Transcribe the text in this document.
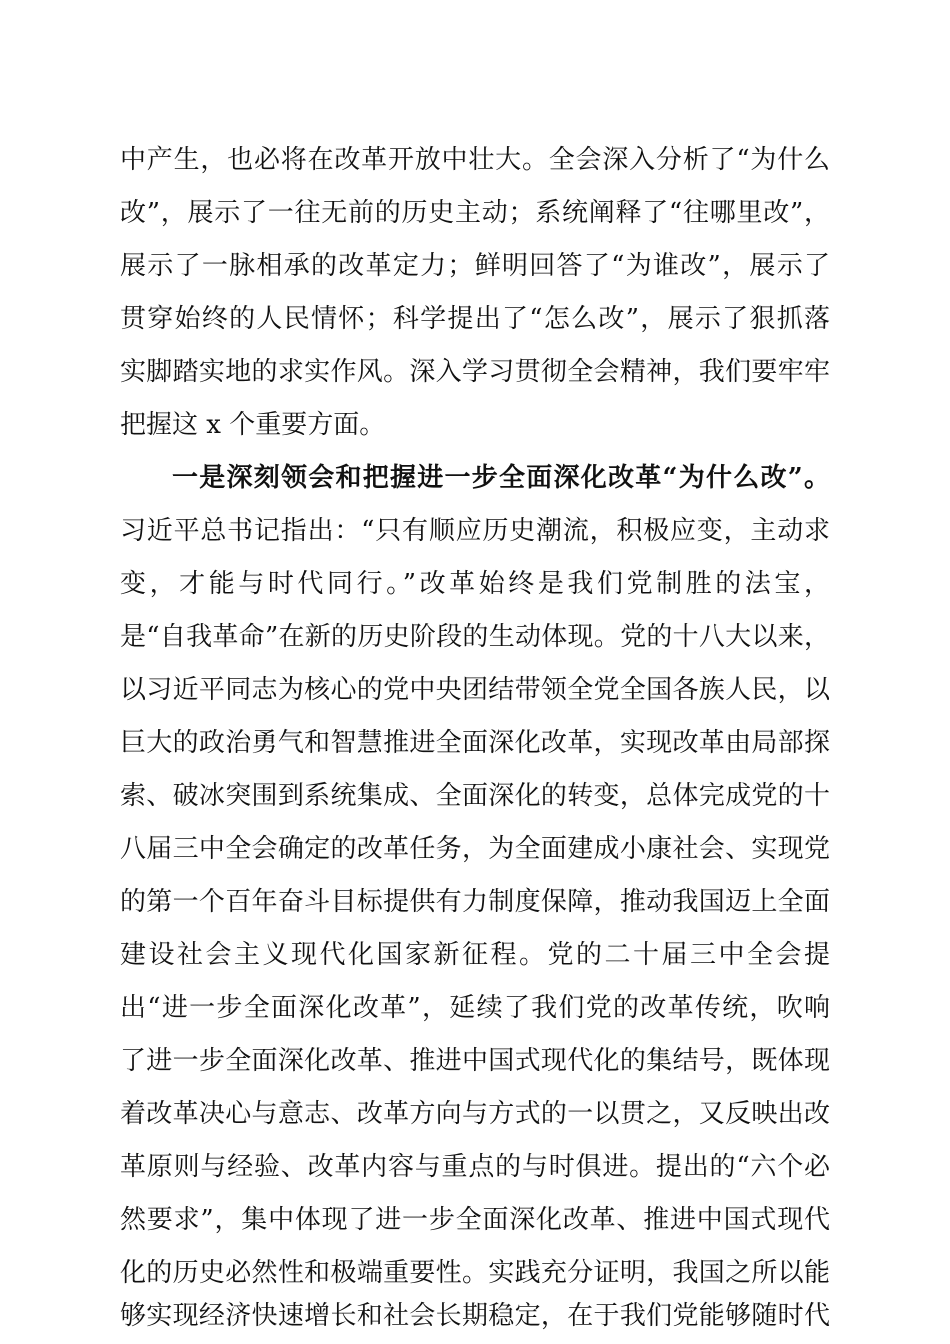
中产生，也必将在改革开放中壮大。全会深入分析了“为什么
改”，展示了一往无前的历史主动；系统阐释了“往哪里改”，
展示了一脉相承的改革定力；鲜明回答了“为谁改”，展示了
贯穿始终的人民情怀；科学提出了“怎么改”，展示了狠抓落
实脚踏实地的求实作风。深入学习贯彻全会精神，我们要牢牢
把握这 x 个重要方面。
一是深刻领会和把握进一步全面深化改革“为什么改”。
习近平总书记指出：“只有顺应历史潮流，积极应变，主动求
变，才能与时代同行。”改革始终是我们党制胜的法宝，
是“自我革命”在新的历史阶段的生动体现。党的十八大以来，
以习近平同志为核心的党中央团结带领全党全国各族人民，以
巨大的政治勇气和智慧推进全面深化改革，实现改革由局部探
索、破冰突围到系统集成、全面深化的转变，总体完成党的十
八届三中全会确定的改革任务，为全面建成小康社会、实现党
的第一个百年奋斗目标提供有力制度保障，推动我国迈上全面
建设社会主义现代化国家新征程。党的二十届三中全会提
出“进一步全面深化改革”，延续了我们党的改革传统，吹响
了进一步全面深化改革、推进中国式现代化的集结号，既体现
着改革决心与意志、改革方向与方式的一以贯之，又反映出改
革原则与经验、改革内容与重点的与时俱进。提出的“六个必
然要求”，集中体现了进一步全面深化改革、推进中国式现代
化的历史必然性和极端重要性。实践充分证明，我国之所以能
够实现经济快速增长和社会长期稳定，在于我们党能够随时代
